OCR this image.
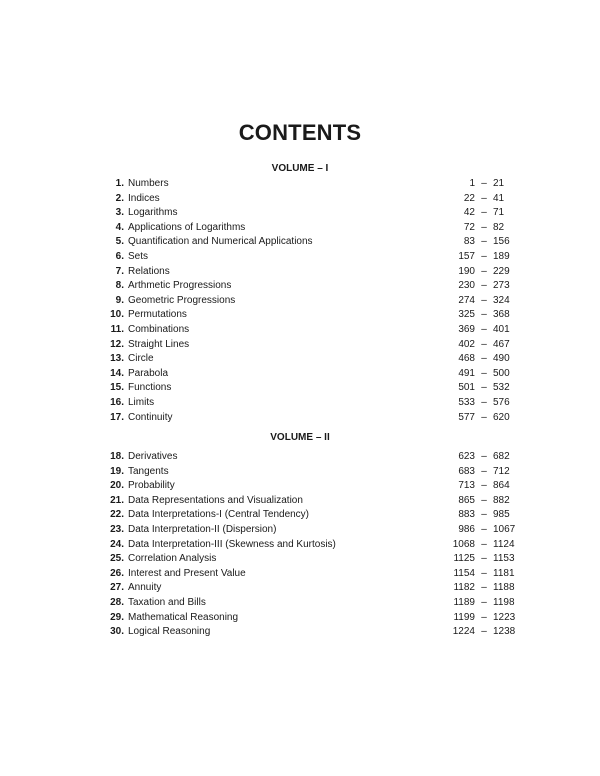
CONTENTS
VOLUME – I
1. Numbers	1 – 21
2. Indices	22 – 41
3. Logarithms	42 – 71
4. Applications of Logarithms	72 – 82
5. Quantification and Numerical Applications	83 – 156
6. Sets	157 – 189
7. Relations	190 – 229
8. Arthmetic Progressions	230 – 273
9. Geometric Progressions	274 – 324
10. Permutations	325 – 368
11. Combinations	369 – 401
12. Straight Lines	402 – 467
13. Circle	468 – 490
14. Parabola	491 – 500
15. Functions	501 – 532
16. Limits	533 – 576
17. Continuity	577 – 620
VOLUME – II
18. Derivatives	623 – 682
19. Tangents	683 – 712
20. Probability	713 – 864
21. Data Representations and Visualization	865 – 882
22. Data Interpretations-I (Central Tendency)	883 – 985
23. Data Interpretation-II (Dispersion)	986 – 1067
24. Data Interpretation-III (Skewness and Kurtosis)	1068 – 1124
25. Correlation Analysis	1125 – 1153
26. Interest and Present Value	1154 – 1181
27. Annuity	1182 – 1188
28. Taxation and Bills	1189 – 1198
29. Mathematical Reasoning	1199 – 1223
30. Logical Reasoning	1224 – 1238
